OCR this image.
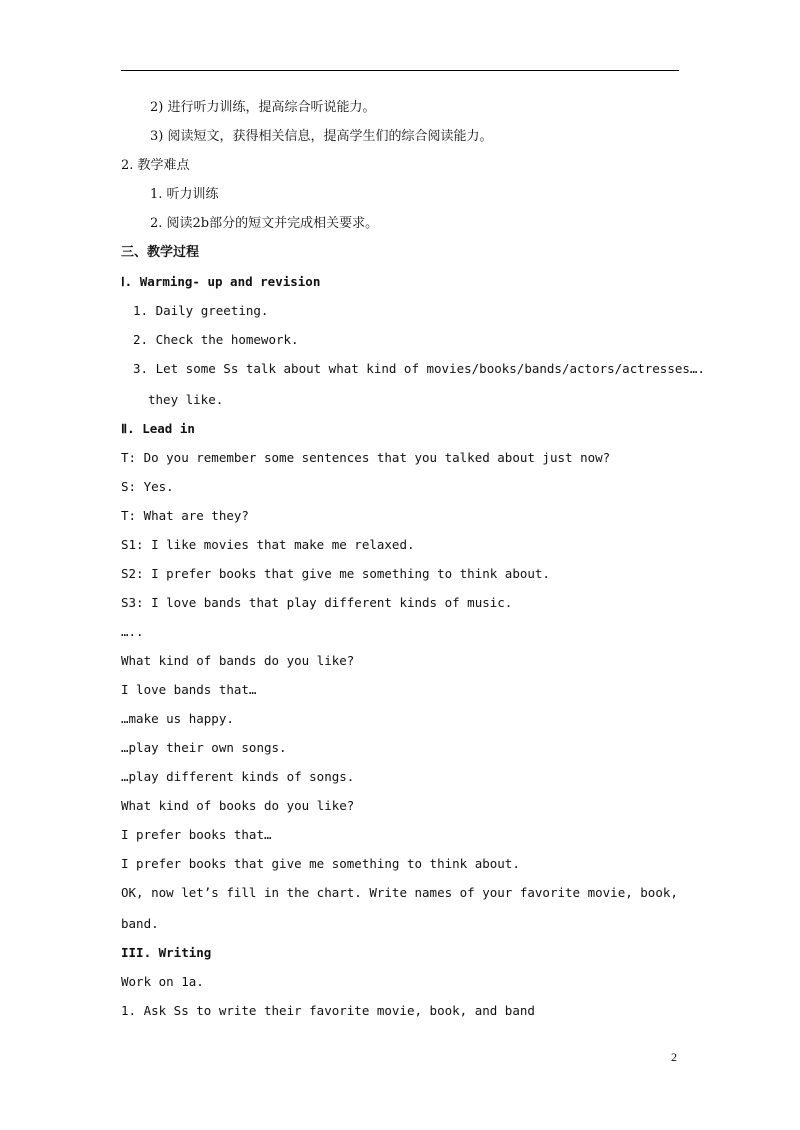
2) 进行听力训练，提高综合听说能力。
3) 阅读短文，获得相关信息，提高学生们的综合阅读能力。
2. 教学难点
1. 听力训练
2. 阅读2b部分的短文并完成相关要求。
三、教学过程
Ⅰ. Warming- up and revision
1. Daily greeting.
2. Check the homework.
3. Let some Ss talk about what kind of movies/books/bands/actors/actresses….
they like.
Ⅱ. Lead in
T: Do you remember some sentences that you talked about just now?
S: Yes.
T: What are they?
S1: I like movies that make me relaxed.
S2: I prefer books that give me something to think about.
S3: I love bands that play different kinds of music.
…..
What kind of bands do you like?
I love bands that…
…make us happy.
…play their own songs.
…play different kinds of songs.
What kind of books do you like?
I prefer books that…
I prefer books that give me something to think about.
OK, now let’s fill in the chart. Write names of your favorite movie, book,
band.
III. Writing
Work on 1a.
1. Ask Ss to write their favorite movie, book, and band
2
